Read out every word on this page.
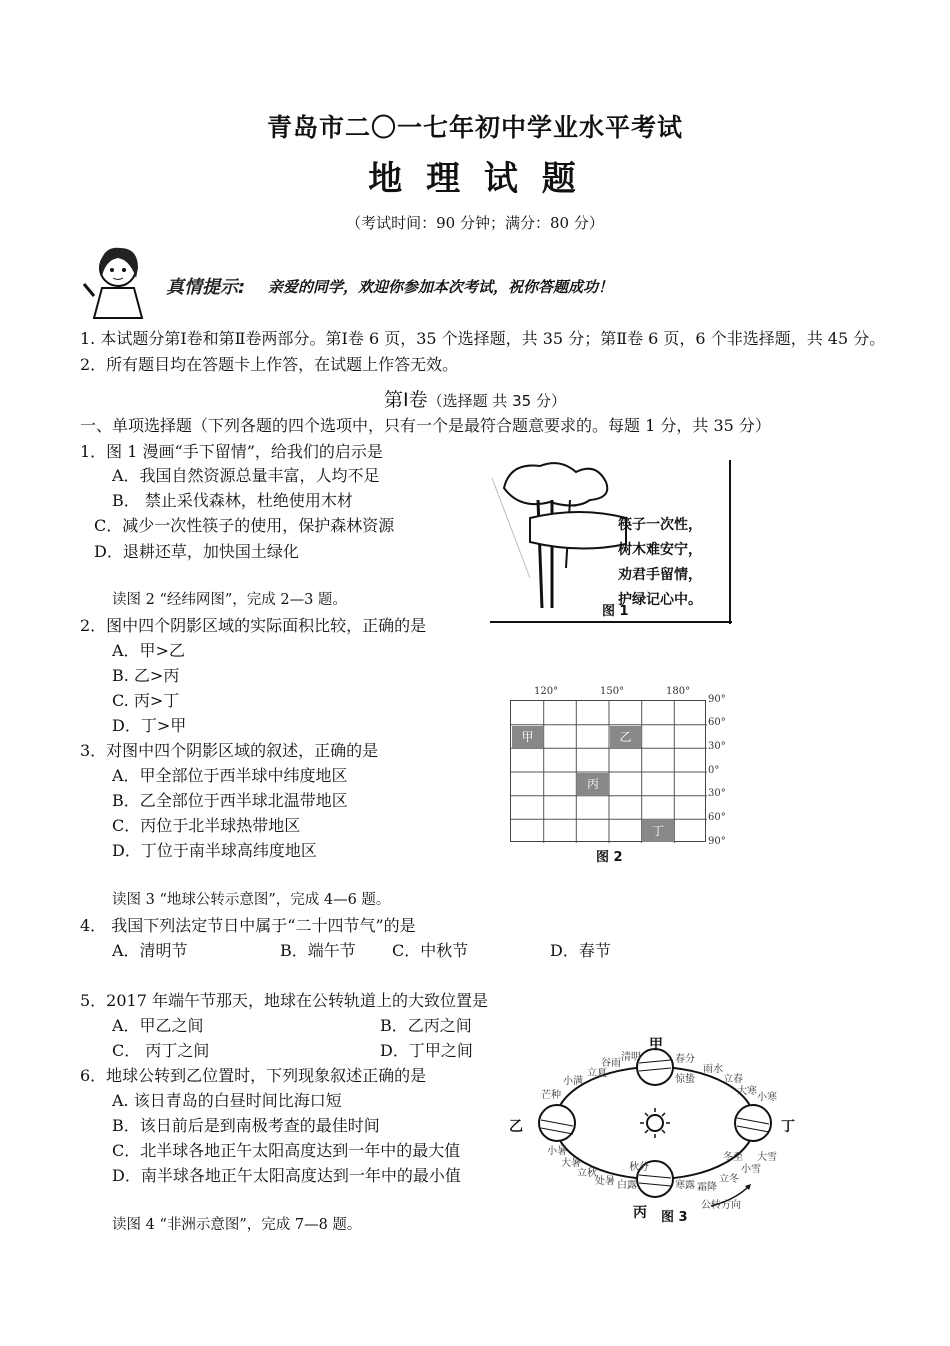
青岛市二〇一七年初中学业水平考试
地 理 试 题
（考试时间：90 分钟；满分：80 分）
真情提示: 亲爱的同学，欢迎你参加本次考试，祝你答题成功！
1. 本试题分第Ⅰ卷和第Ⅱ卷两部分。第Ⅰ卷 6 页，35 个选择题，共 35 分；第Ⅱ卷 6 页，6 个非选择题，共 45 分。
2．所有题目均在答题卡上作答，在试题上作答无效。
第Ⅰ卷（选择题 共 35 分）
一、单项选择题（下列各题的四个选项中，只有一个是最符合题意要求的。每题 1 分，共 35 分）
1．图 1 漫画“手下留情”，给我们的启示是
A．我国自然资源总量丰富，人均不足
B． 禁止采伐森林，杜绝使用木材
C．减少一次性筷子的使用，保护森林资源
D．退耕还草，加快国土绿化
筷子一次性，
树木难安宁，
劝君手留情，
护绿记心中。
图 1
读图 2 “经纬网图”，完成 2—3 题。
2．图中四个阴影区域的实际面积比较，正确的是
A．甲>乙
B. 乙>丙
C. 丙>丁
D．丁>甲
3．对图中四个阴影区域的叙述，正确的是
A．甲全部位于西半球中纬度地区
B．乙全部位于西半球北温带地区
C．丙位于北半球热带地区
D．丁位于南半球高纬度地区
120°	150°	180°
甲	乙
丙
丁
90°
60°
30°
0°
30°
60°
90°
图 2
读图 3 “地球公转示意图”，完成 4—6 题。
4． 我国下列法定节日中属于“二十四节气”的是
A．清明节	B．端午节 C．中秋节	D．春节
5．2017 年端午节那天，地球在公转轨道上的大致位置是
A．甲乙之间	B．乙丙之间
C． 丙丁之间	D．丁甲之间
6．地球公转到乙位置时，下列现象叙述正确的是
A. 该日青岛的白昼时间比海口短
B．该日前后是到南极考查的最佳时间
C．北半球各地正午太阳高度达到一年中的最大值
D．南半球各地正午太阳高度达到一年中的最小值
甲
乙
丙
丁
立夏
谷雨
清明	春分
惊蛰
雨水
立春
大寒
小寒
芒种
小满
冬至 大雪
小雪
立冬
霜降
寒露
秋分
白露
处暑
立秋
大暑
小暑
公转方向
图 3
读图 4 “非洲示意图”，完成 7—8 题。
